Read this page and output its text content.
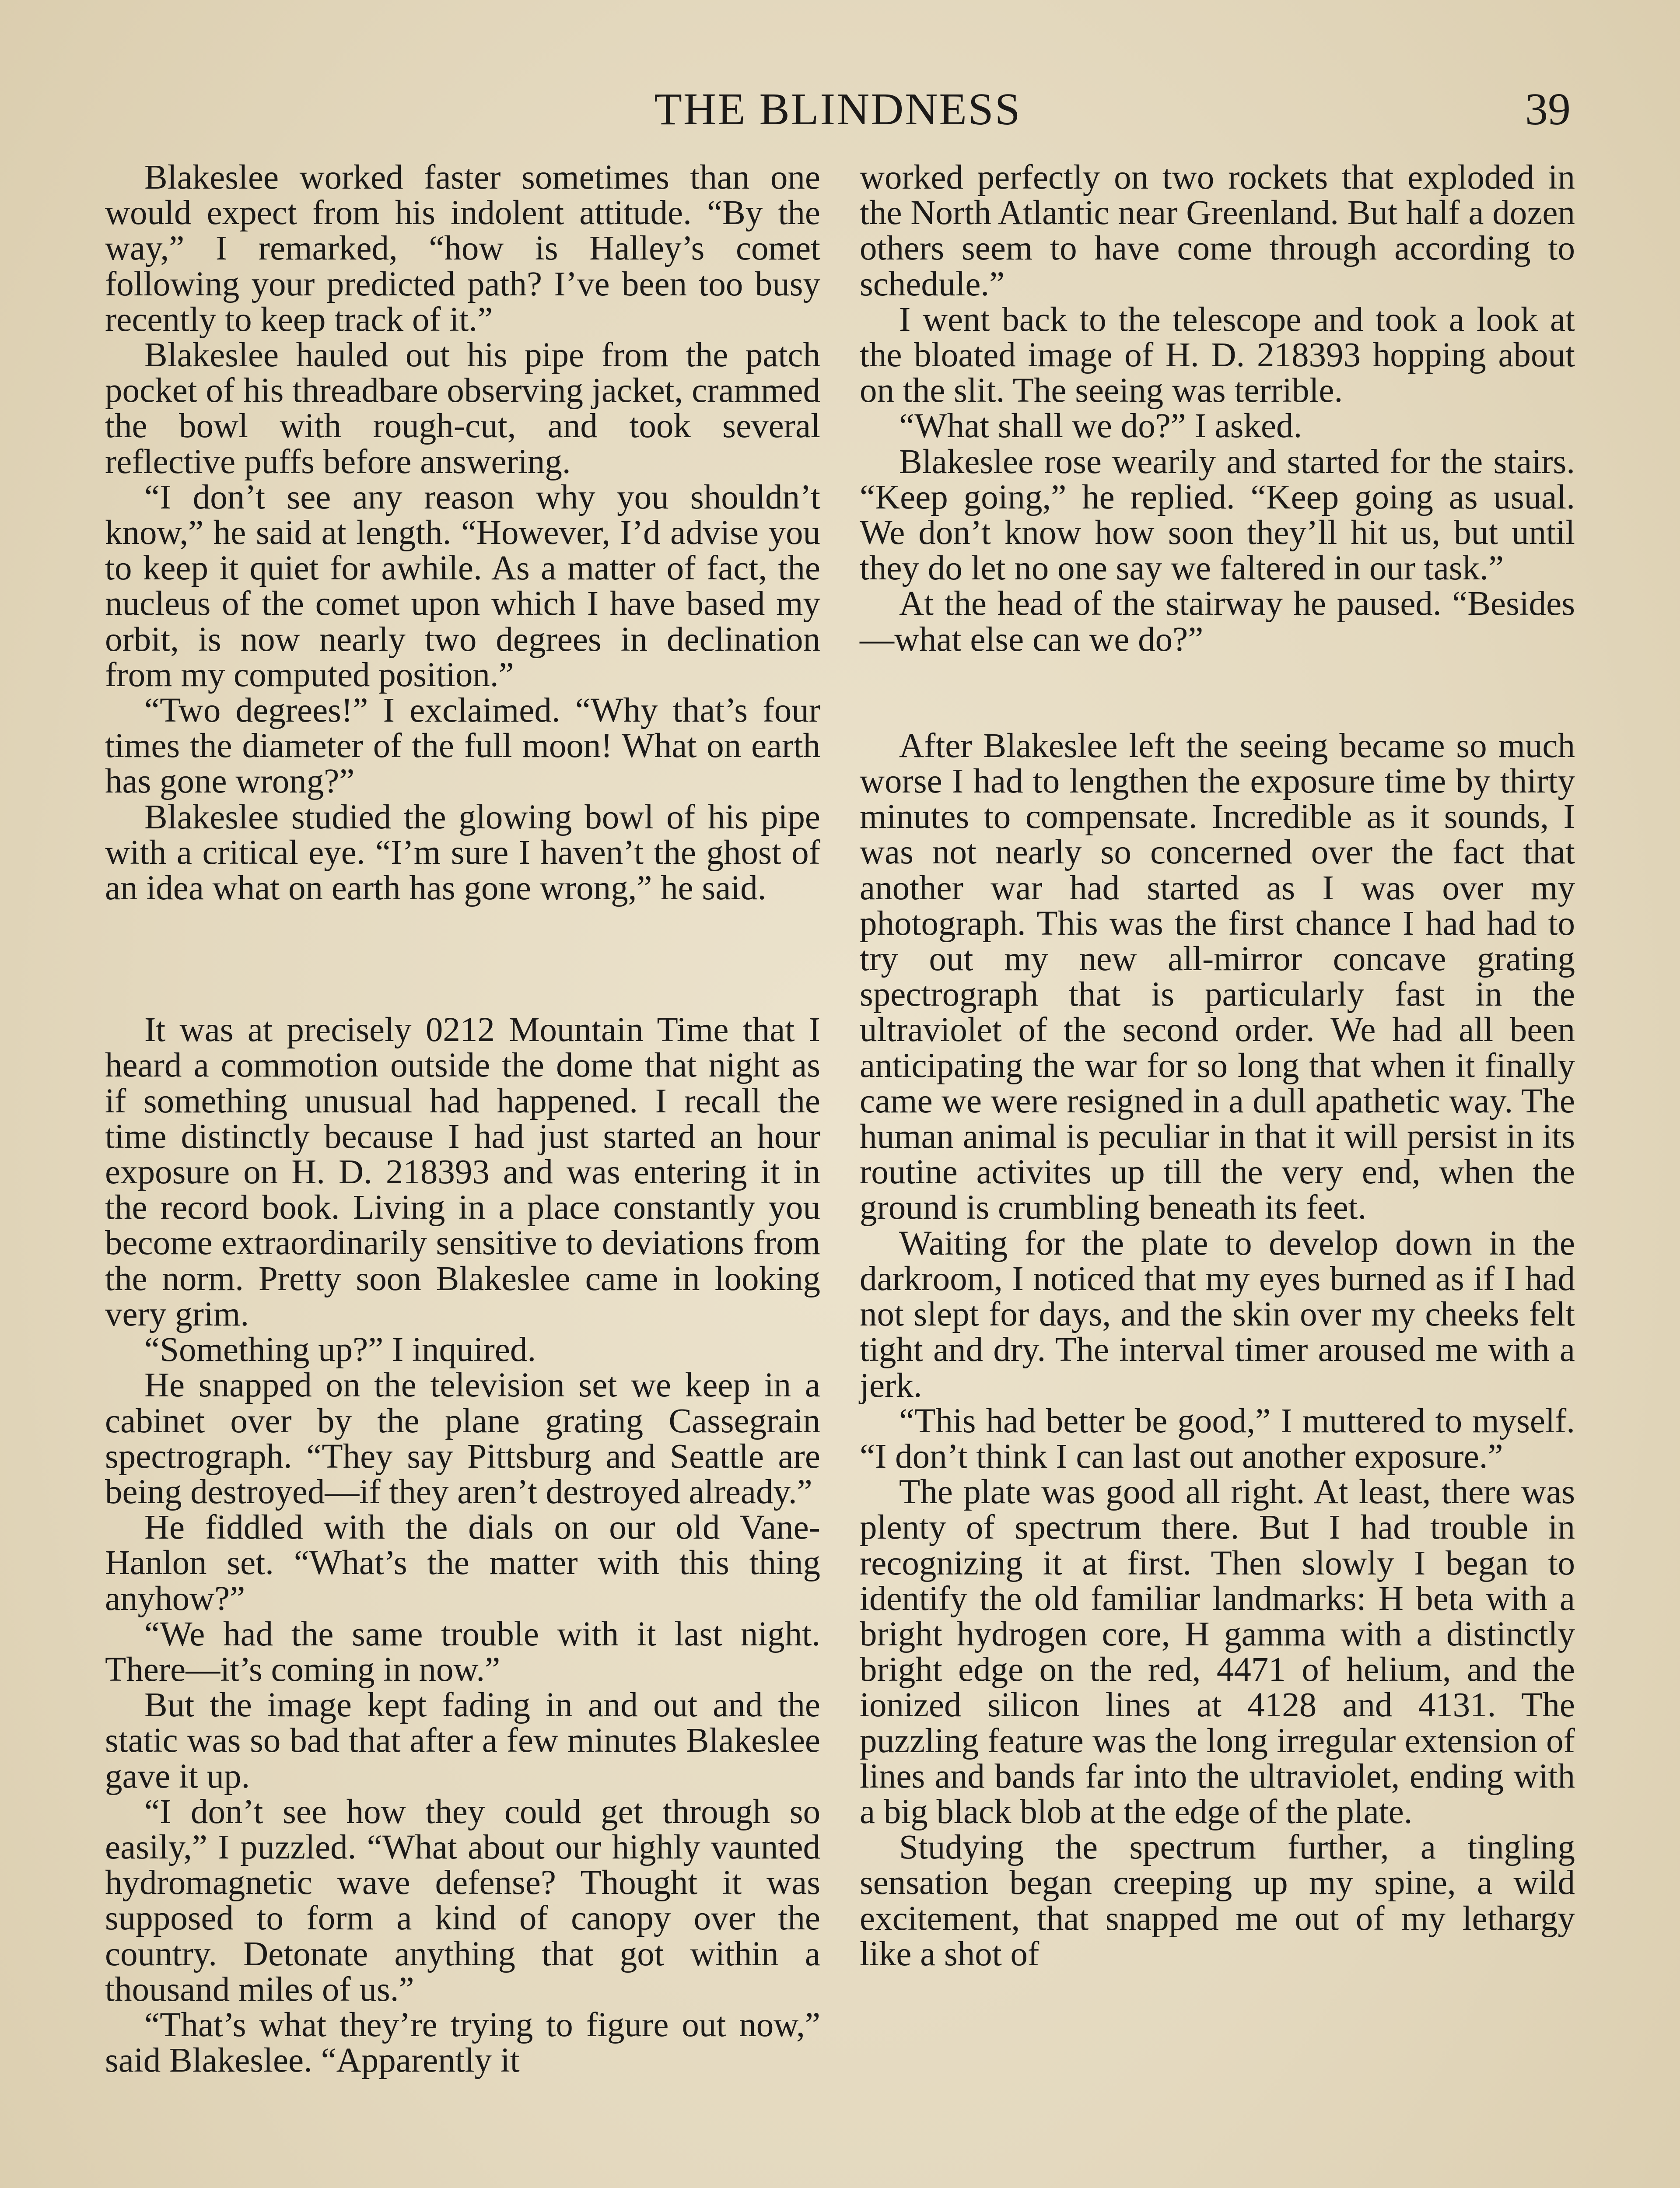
THE BLINDNESS	39

Blakeslee worked faster sometimes than one would expect from his indolent attitude. “By the way,” I remarked, “how is Halley’s comet following your predicted path? I’ve been too busy recently to keep track of it.”

Blakeslee hauled out his pipe from the patch pocket of his threadbare observing jacket, crammed the bowl with rough-cut, and took several reflective puffs before answering.

“I don’t see any reason why you shouldn’t know,” he said at length. “However, I’d advise you to keep it quiet for awhile. As a matter of fact, the nucleus of the comet upon which I have based my orbit, is now nearly two degrees in declination from my computed position.”

“Two degrees!” I exclaimed. “Why that’s four times the diameter of the full moon! What on earth has gone wrong?”

Blakeslee studied the glowing bowl of his pipe with a critical eye. “I’m sure I haven’t the ghost of an idea what on earth has gone wrong,” he said.

It was at precisely 0212 Mountain Time that I heard a commotion outside the dome that night as if something unusual had happened. I recall the time distinctly because I had just started an hour exposure on H. D. 218393 and was entering it in the record book. Living in a place constantly you become extraordinarily sensitive to deviations from the norm. Pretty soon Blakeslee came in looking very grim.

“Something up?” I inquired.

He snapped on the television set we keep in a cabinet over by the plane grating Cassegrain spectrograph. “They say Pittsburg and Seattle are being destroyed—if they aren’t destroyed already.”

He fiddled with the dials on our old Vane-Hanlon set. “What’s the matter with this thing anyhow?”

“We had the same trouble with it last night. There—it’s coming in now.”

But the image kept fading in and out and the static was so bad that after a few minutes Blakeslee gave it up.

“I don’t see how they could get through so easily,” I puzzled. “What about our highly vaunted hydromagnetic wave defense? Thought it was supposed to form a kind of canopy over the country. Detonate anything that got within a thousand miles of us.”

“That’s what they’re trying to figure out now,” said Blakeslee. “Apparently it

worked perfectly on two rockets that exploded in the North Atlantic near Greenland. But half a dozen others seem to have come through according to schedule.”

I went back to the telescope and took a look at the bloated image of H. D. 218393 hopping about on the slit. The seeing was terrible.

“What shall we do?” I asked.

Blakeslee rose wearily and started for the stairs. “Keep going,” he replied. “Keep going as usual. We don’t know how soon they’ll hit us, but until they do let no one say we faltered in our task.”

At the head of the stairway he paused. “Besides—what else can we do?”

After Blakeslee left the seeing became so much worse I had to lengthen the exposure time by thirty minutes to compensate. Incredible as it sounds, I was not nearly so concerned over the fact that another war had started as I was over my photograph. This was the first chance I had had to try out my new all-mirror concave grating spectrograph that is particularly fast in the ultraviolet of the second order. We had all been anticipating the war for so long that when it finally came we were resigned in a dull apathetic way. The human animal is peculiar in that it will persist in its routine activites up till the very end, when the ground is crumbling beneath its feet.

Waiting for the plate to develop down in the darkroom, I noticed that my eyes burned as if I had not slept for days, and the skin over my cheeks felt tight and dry. The interval timer aroused me with a jerk.

“This had better be good,” I muttered to myself. “I don’t think I can last out another exposure.”

The plate was good all right. At least, there was plenty of spectrum there. But I had trouble in recognizing it at first. Then slowly I began to identify the old familiar landmarks: H beta with a bright hydrogen core, H gamma with a distinctly bright edge on the red, 4471 of helium, and the ionized silicon lines at 4128 and 4131. The puzzling feature was the long irregular extension of lines and bands far into the ultraviolet, ending with a big black blob at the edge of the plate.

Studying the spectrum further, a tingling sensation began creeping up my spine, a wild excitement, that snapped me out of my lethargy like a shot of
